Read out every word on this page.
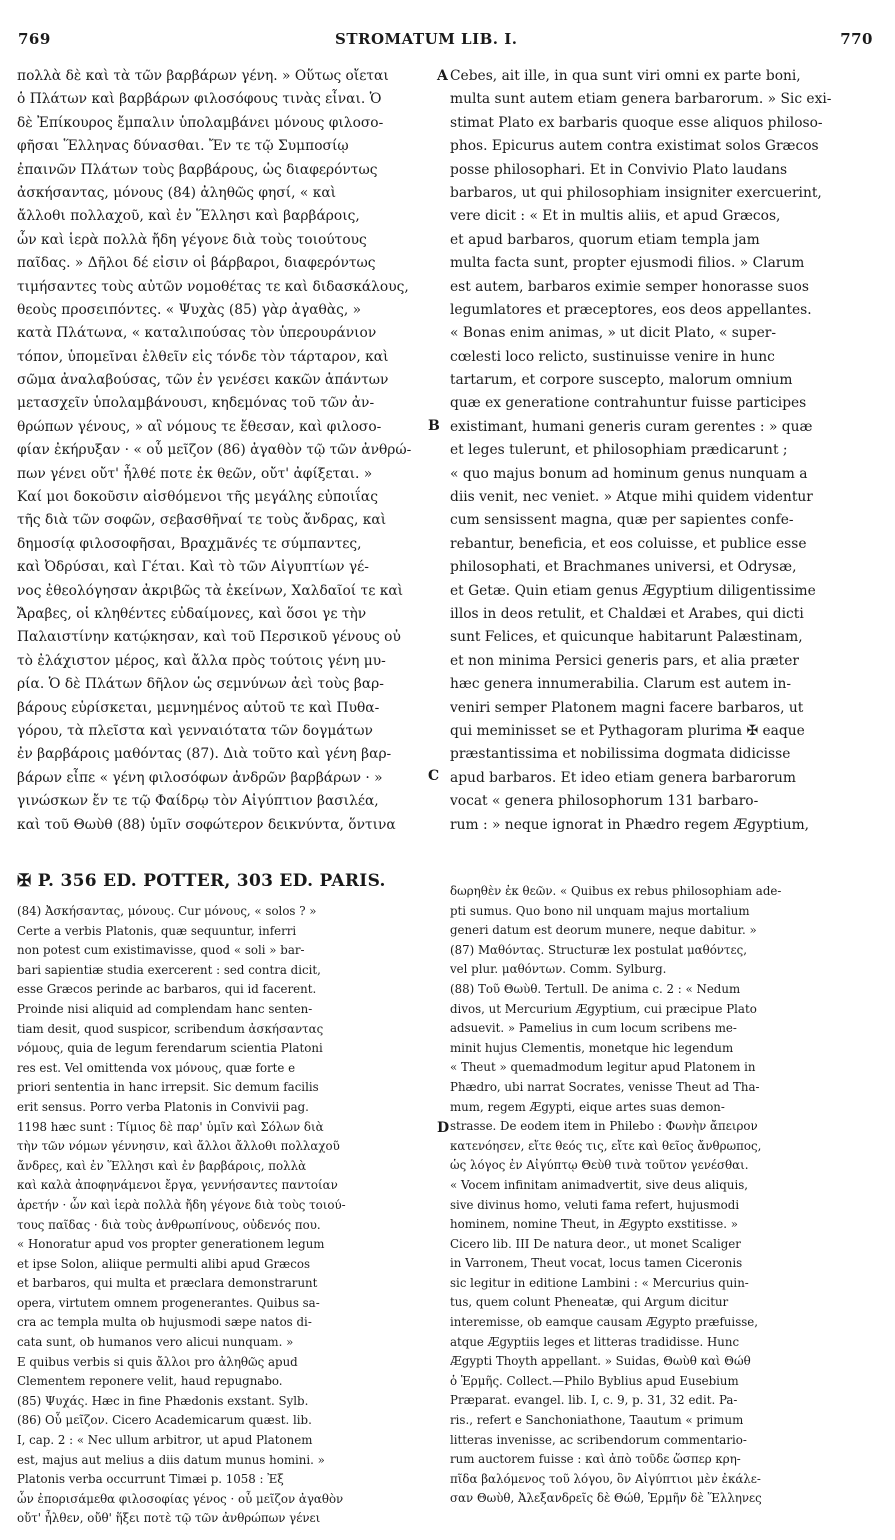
769	STROMATUM LIB. I.	770
A
B
C
D
πολλὰ δὲ καὶ τὰ τῶν βαρβάρων γένη. » Οὕτως οἴεται
ὁ Πλάτων καὶ βαρβάρων φιλοσόφους τινὰς εἶναι. Ὁ
δὲ Ἐπίκουρος ἔμπαλιν ὑπολαμβάνει μόνους φιλοσο-
φῆσαι Ἕλληνας δύνασθαι. Ἔν τε τῷ Συμποσίῳ
ἐπαινῶν Πλάτων τοὺς βαρβάρους, ὡς διαφερόντως
ἀσκήσαντας, μόνους (84) ἀληθῶς φησί, « καὶ
ἄλλοθι πολλαχοῦ, καὶ ἐν Ἕλλησι καὶ βαρβάροις,
ὧν καὶ ἱερὰ πολλὰ ἤδη γέγονε διὰ τοὺς τοιούτους
παῖδας. » Δῆλοι δέ εἰσιν οἱ βάρβαροι, διαφερόντως
τιμήσαντες τοὺς αὐτῶν νομοθέτας τε καὶ διδασκάλους,
θεοὺς προσειπόντες. « Ψυχὰς (85) γὰρ ἀγαθὰς, »
κατὰ Πλάτωνα, « καταλιπούσας τὸν ὑπερουράνιον
τόπον, ὑπομεῖναι ἐλθεῖν εἰς τόνδε τὸν τάρταρον, καὶ
σῶμα ἀναλαβούσας, τῶν ἐν γενέσει κακῶν ἁπάντων
μετασχεῖν ὑπολαμβάνουσι, κηδεμόνας τοῦ τῶν ἀν-
θρώπων γένους, » αἳ νόμους τε ἔθεσαν, καὶ φιλοσο-
φίαν ἐκήρυξαν · « οὗ μεῖζον (86) ἀγαθὸν τῷ τῶν ἀνθρώ-
πων γένει οὔτ' ἦλθέ ποτε ἐκ θεῶν, οὔτ' ἀφίξεται. »
Καί μοι δοκοῦσιν αἰσθόμενοι τῆς μεγάλης εὐποιΐας
τῆς διὰ τῶν σοφῶν, σεβασθῆναί τε τοὺς ἄνδρας, καὶ
δημοσίᾳ φιλοσοφῆσαι, Βραχμᾶνές τε σύμπαντες,
καὶ Ὀδρύσαι, καὶ Γέται. Καὶ τὸ τῶν Αἰγυπτίων γέ-
νος ἐθεολόγησαν ἀκριβῶς τὰ ἐκείνων, Χαλδαῖοί τε καὶ
Ἄραβες, οἱ κληθέντες εὐδαίμονες, καὶ ὅσοι γε τὴν
Παλαιστίνην κατῴκησαν, καὶ τοῦ Περσικοῦ γένους οὐ
τὸ ἐλάχιστον μέρος, καὶ ἄλλα πρὸς τούτοις γένη μυ-
ρία. Ὁ δὲ Πλάτων δῆλον ὡς σεμνύνων ἀεὶ τοὺς βαρ-
βάρους εὑρίσκεται, μεμνημένος αὑτοῦ τε καὶ Πυθα-
γόρου, τὰ πλεῖστα καὶ γενναιότατα τῶν δογμάτων
ἐν βαρβάροις μαθόντας (87). Διὰ τοῦτο καὶ γένη βαρ-
βάρων εἶπε « γένη φιλοσόφων ἀνδρῶν βαρβάρων · »
γινώσκων ἔν τε τῷ Φαίδρῳ τὸν Αἰγύπτιον βασιλέα,
καὶ τοῦ Θωὺθ (88) ὑμῖν σοφώτερον δεικνύντα, ὅντινα
Cebes, ait ille, in qua sunt viri omni ex parte boni,
multa sunt autem etiam genera barbarorum. » Sic exi-
stimat Plato ex barbaris quoque esse aliquos philoso-
phos. Epicurus autem contra existimat solos Græcos
posse philosophari. Et in Convivio Plato laudans
barbaros, ut qui philosophiam insigniter exercuerint,
vere dicit : « Et in multis aliis, et apud Græcos,
et apud barbaros, quorum etiam templa jam
multa facta sunt, propter ejusmodi filios. » Clarum
est autem, barbaros eximie semper honorasse suos
legumlatores et præceptores, eos deos appellantes.
« Bonas enim animas, » ut dicit Plato, « super-
cœlesti loco relicto, sustinuisse venire in hunc
tartarum, et corpore suscepto, malorum omnium
quæ ex generatione contrahuntur fuisse participes
existimant, humani generis curam gerentes : » quæ
et leges tulerunt, et philosophiam prædicarunt ;
« quo majus bonum ad hominum genus nunquam a
diis venit, nec veniet. » Atque mihi quidem videntur
cum sensissent magna, quæ per sapientes confe-
rebantur, beneficia, et eos coluisse, et publice esse
philosophati, et Brachmanes universi, et Odrysæ,
et Getæ. Quin etiam genus Ægyptium diligentissime
illos in deos retulit, et Chaldæi et Arabes, qui dicti
sunt Felices, et quicunque habitarunt Palæstinam,
et non minima Persici generis pars, et alia præter
hæc genera innumerabilia. Clarum est autem in-
veniri semper Platonem magni facere barbaros, ut
qui meminisset se et Pythagoram plurima ✠ eaque
præstantissima et nobilissima dogmata didicisse
apud barbaros. Et ideo etiam genera barbarorum
vocat « genera philosophorum 131 barbaro-
rum : » neque ignorat in Phædro regem Ægyptium,
✠ P. 356 ED. POTTER, 303 ED. PARIS.
(84) Ἀσκήσαντας, μόνους. Cur μόνους, « solos ? »
Certe a verbis Platonis, quæ sequuntur, inferri
non potest cum existimavisse, quod « soli » bar-
bari sapientiæ studia exercerent : sed contra dicit,
esse Græcos perinde ac barbaros, qui id facerent.
Proinde nisi aliquid ad complendam hanc senten-
tiam desit, quod suspicor, scribendum ἀσκήσαντας
νόμους, quia de legum ferendarum scientia Platoni
res est. Vel omittenda vox μόνους, quæ forte e
priori sententia in hanc irrepsit. Sic demum facilis
erit sensus. Porro verba Platonis in Convivii pag.
1198 hæc sunt : Τίμιος δὲ παρ' ὑμῖν καὶ Σόλων διὰ
τὴν τῶν νόμων γέννησιν, καὶ ἄλλοι ἄλλοθι πολλαχοῦ
ἄνδρες, καὶ ἐν Ἕλλησι καὶ ἐν βαρβάροις, πολλὰ
καὶ καλὰ ἀποφηνάμενοι ἔργα, γεννήσαντες παντοίαν
ἀρετήν · ὧν καὶ ἱερὰ πολλὰ ἤδη γέγονε διὰ τοὺς τοιού-
τους παῖδας · διὰ τοὺς ἀνθρωπίνους, οὐδενός που.
« Honoratur apud vos propter generationem legum
et ipse Solon, aliique permulti alibi apud Græcos
et barbaros, qui multa et præclara demonstrarunt
opera, virtutem omnem progenerantes. Quibus sa-
cra ac templa multa ob hujusmodi sæpe natos di-
cata sunt, ob humanos vero alicui nunquam. »
E quibus verbis si quis ἄλλοι pro ἀληθῶς apud
Clementem reponere velit, haud repugnabo.
(85) Ψυχάς. Hæc in fine Phædonis exstant. Sylb.
(86) Οὗ μεῖζον. Cicero Academicarum quæst. lib.
I, cap. 2 : « Nec ullum arbitror, ut apud Platonem
est, majus aut melius a diis datum munus homini. »
Platonis verba occurrunt Timæi p. 1058 : Ἐξ
ὧν ἐπορισάμεθα φιλοσοφίας γένος · οὗ μεῖζον ἀγαθὸν
οὔτ' ἦλθεν, οὔθ' ἥξει ποτὲ τῷ τῶν ἀνθρώπων γένει
δωρηθὲν ἐκ θεῶν. « Quibus ex rebus philosophiam ade-
pti sumus. Quo bono nil unquam majus mortalium
generi datum est deorum munere, neque dabitur. »
(87) Μαθόντας. Structuræ lex postulat μαθόντες,
vel plur. μαθόντων. Comm. Sylburg.
(88) Τοῦ Θωὺθ. Tertull. De anima c. 2 : « Nedum
divos, ut Mercurium Ægyptium, cui præcipue Plato
adsuevit. » Pamelius in cum locum scribens me-
minit hujus Clementis, monetque hic legendum
« Theut » quemadmodum legitur apud Platonem in
Phædro, ubi narrat Socrates, venisse Theut ad Tha-
mum, regem Ægypti, eique artes suas demon-
strasse. De eodem item in Philebo : Φωνὴν ἄπειρον
κατενόησεν, εἴτε θεός τις, εἴτε καὶ θεῖος ἄνθρωπος,
ὡς λόγος ἐν Αἰγύπτῳ Θεὺθ τινὰ τοῦτον γενέσθαι.
« Vocem infinitam animadvertit, sive deus aliquis,
sive divinus homo, veluti fama refert, hujusmodi
hominem, nomine Theut, in Ægypto exstitisse. »
Cicero lib. III De natura deor., ut monet Scaliger
in Varronem, Theut vocat, locus tamen Ciceronis
sic legitur in editione Lambini : « Mercurius quin-
tus, quem colunt Pheneatæ, qui Argum dicitur
interemisse, ob eamque causam Ægypto præfuisse,
atque Ægyptiis leges et litteras tradidisse. Hunc
Ægypti Thoyth appellant. » Suidas, Θωὺθ καὶ Θώθ
ὁ Ἑρμῆς. Collect.—Philo Byblius apud Eusebium
Præparat. evangel. lib. I, c. 9, p. 31, 32 edit. Pa-
ris., refert e Sanchoniathone, Taautum « primum
litteras invenisse, ac scribendorum commentario-
rum auctorem fuisse : καὶ ἀπὸ τοῦδε ὥσπερ κρη-
πῖδα βαλόμενος τοῦ λόγου, ὃν Αἰγύπτιοι μὲν ἐκάλε-
σαν Θωὺθ, Ἀλεξανδρεῖς δὲ Θώθ, Ἑρμῆν δὲ Ἕλληνες
